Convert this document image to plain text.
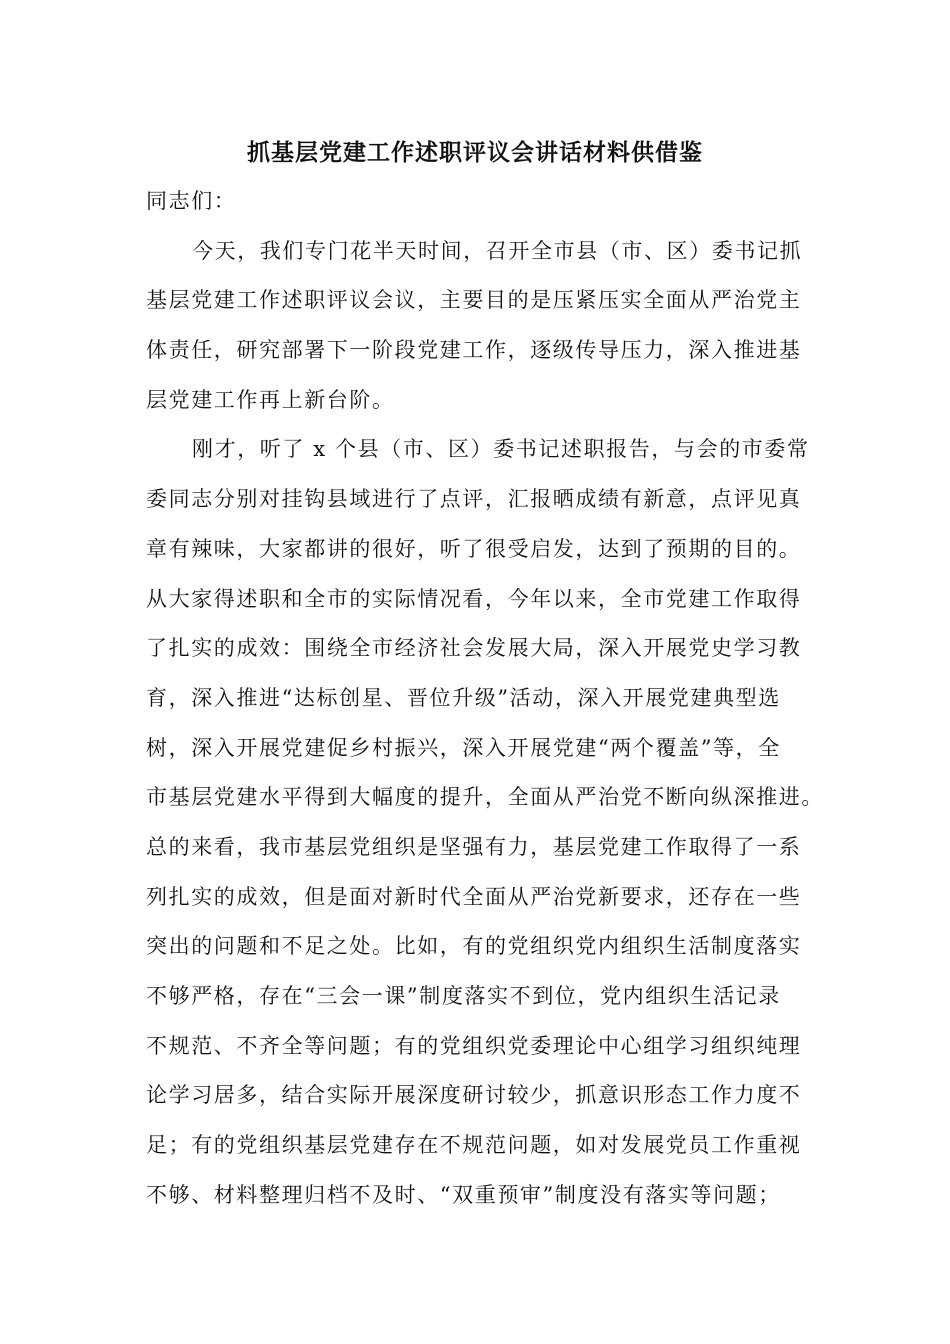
抓基层党建工作述职评议会讲话材料供借鉴
同志们：
今天，我们专门花半天时间，召开全市县（市、区）委书记抓
基层党建工作述职评议会议，主要目的是压紧压实全面从严治党主
体责任，研究部署下一阶段党建工作，逐级传导压力，深入推进基
层党建工作再上新台阶。
刚才，听了 x 个县（市、区）委书记述职报告，与会的市委常
委同志分别对挂钩县域进行了点评，汇报晒成绩有新意，点评见真
章有辣味，大家都讲的很好，听了很受启发，达到了预期的目的。
从大家得述职和全市的实际情况看，今年以来，全市党建工作取得
了扎实的成效：围绕全市经济社会发展大局，深入开展党史学习教
育，深入推进“达标创星、晋位升级”活动，深入开展党建典型选
树，深入开展党建促乡村振兴，深入开展党建“两个覆盖”等，全
市基层党建水平得到大幅度的提升，全面从严治党不断向纵深推进。
总的来看，我市基层党组织是坚强有力，基层党建工作取得了一系
列扎实的成效，但是面对新时代全面从严治党新要求，还存在一些
突出的问题和不足之处。比如，有的党组织党内组织生活制度落实
不够严格，存在“三会一课”制度落实不到位，党内组织生活记录
不规范、不齐全等问题；有的党组织党委理论中心组学习组织纯理
论学习居多，结合实际开展深度研讨较少，抓意识形态工作力度不
足；有的党组织基层党建存在不规范问题，如对发展党员工作重视
不够、材料整理归档不及时、“双重预审”制度没有落实等问题；
